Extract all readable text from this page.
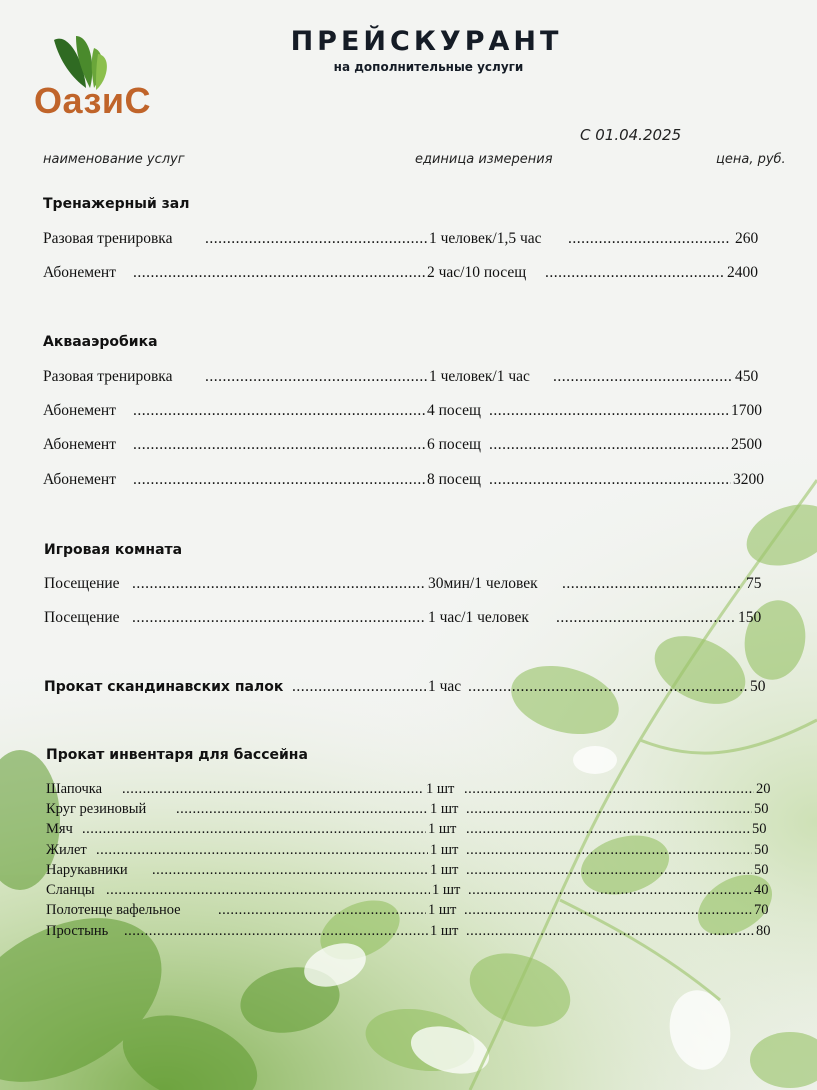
ОазиС
ПРЕЙСКУРАНТ
на дополнительные услуги
С 01.04.2025
наименование услуг	единица измерения	цена, руб.
Тренажерный зал
Разовая тренировка .....	1 человек/1,5 час .....	260
Абонемент .....	2 час/10 посещ .....	2400
Аквааэробика
Разовая тренировка .....	1 человек/1 час .....	450
Абонемент .....	4 посещ .....	1700
Абонемент .....	6 посещ .....	2500
Абонемент .....	8 посещ .....	3200
Игровая комната
Посещение .....	30мин/1 человек .....	75
Посещение .....	1 час/1 человек .....	150
Прокат скандинавских палок .....	1 час .....	50
Прокат инвентаря для бассейна
Шапочка .....	1 шт .....	20
Круг резиновый .....	1 шт .....	50
Мяч .....	1 шт .....	50
Жилет .....	1 шт .....	50
Нарукавники .....	1 шт .....	50
Сланцы .....	1 шт .....	40
Полотенце вафельное .....	1 шт .....	70
Простынь .....	1 шт .....	80
